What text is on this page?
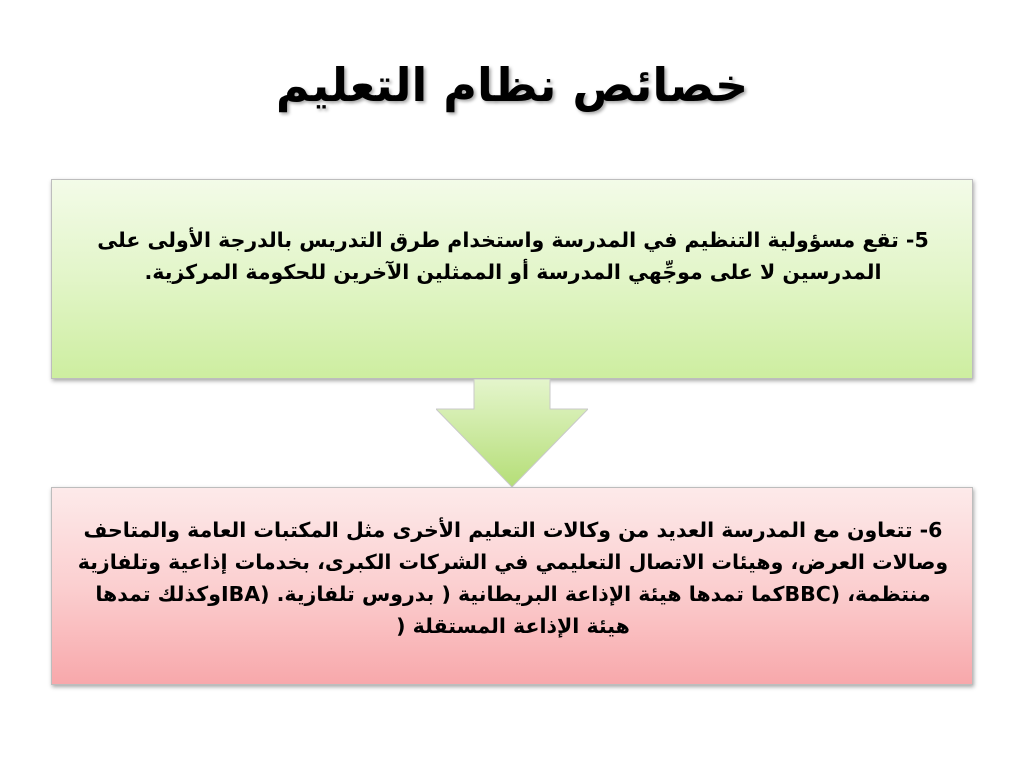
خصائص نظام التعليم
5- تقع مسؤولية التنظيم في المدرسة واستخدام طرق التدريس بالدرجة الأولى على المدرسين لا على موجِّهي المدرسة أو الممثلين الآخرين للحكومة المركزية.
6- تتعاون مع المدرسة العديد من وكالات التعليم الأخرى مثل المكتبات العامة والمتاحف وصالات العرض، وهيئات الاتصال التعليمي في الشركات الكبرى، بخدمات إذاعية وتلفازية منتظمة، (BBCكما تمدها هيئة الإذاعة البريطانية ( بدروس تلفازية. (IBAوكذلك تمدها هيئة الإذاعة المستقلة (
